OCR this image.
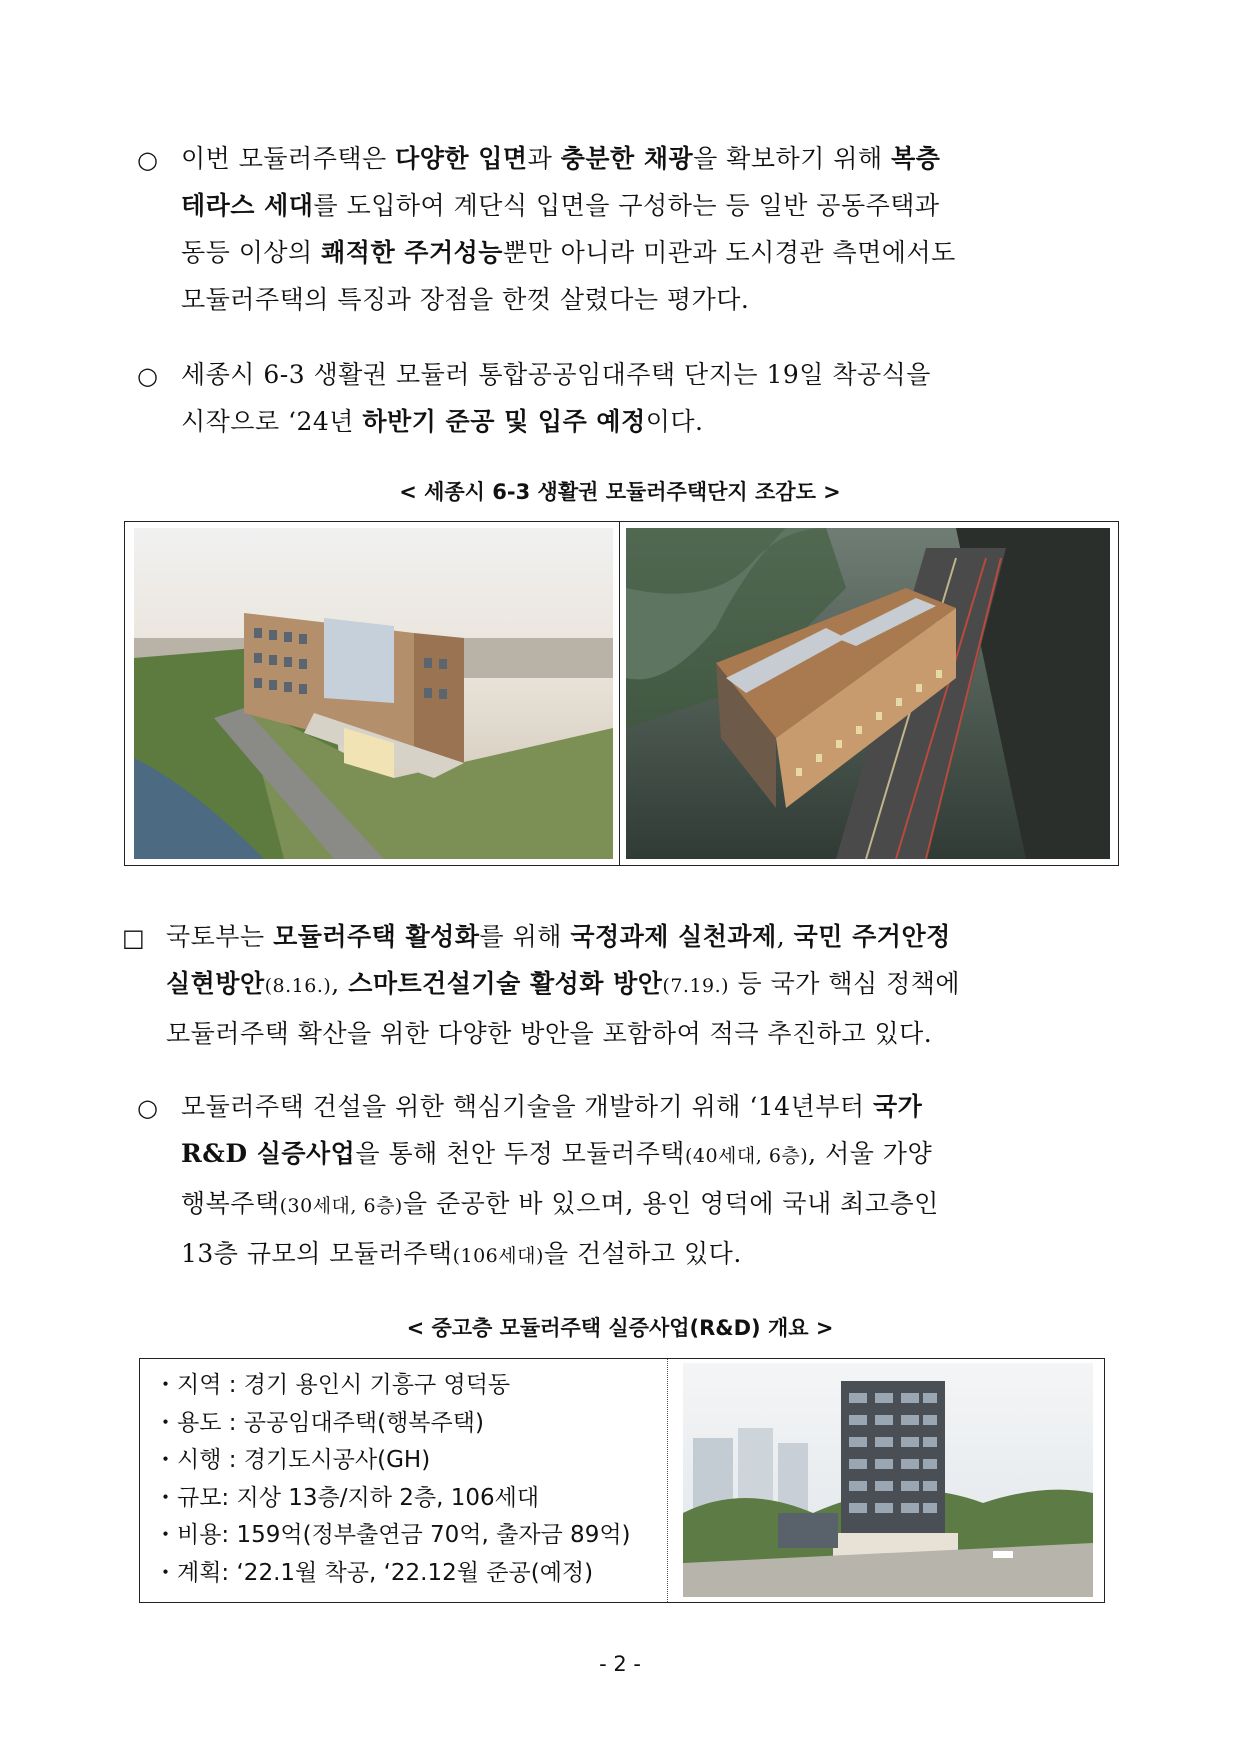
○ 이번 모듈러주택은 다양한 입면과 충분한 채광을 확보하기 위해 복층
테라스 세대를 도입하여 계단식 입면을 구성하는 등 일반 공동주택과
동등 이상의 쾌적한 주거성능뿐만 아니라 미관과 도시경관 측면에서도
모듈러주택의 특징과 장점을 한껏 살렸다는 평가다.
○ 세종시 6-3 생활권 모듈러 통합공공임대주택 단지는 19일 착공식을
시작으로 ‘24년 하반기 준공 및 입주 예정이다.
< 세종시 6-3 생활권 모듈러주택단지 조감도 >
□ 국토부는 모듈러주택 활성화를 위해 국정과제 실천과제, 국민 주거안정
실현방안(8.16.), 스마트건설기술 활성화 방안(7.19.) 등 국가 핵심 정책에
모듈러주택 확산을 위한 다양한 방안을 포함하여 적극 추진하고 있다.
○ 모듈러주택 건설을 위한 핵심기술을 개발하기 위해 ‘14년부터 국가
R&D 실증사업을 통해 천안 두정 모듈러주택(40세대, 6층), 서울 가양
행복주택(30세대, 6층)을 준공한 바 있으며, 용인 영덕에 국내 최고층인
13층 규모의 모듈러주택(106세대)을 건설하고 있다.
< 중고층 모듈러주택 실증사업(R&D) 개요 >
・지역 : 경기 용인시 기흥구 영덕동
・용도 : 공공임대주택(행복주택)
・시행 : 경기도시공사(GH)
・규모: 지상 13층/지하 2층, 106세대
・비용: 159억(정부출연금 70억, 출자금 89억)
・계획: ‘22.1월 착공, ‘22.12월 준공(예정)
- 2 -
